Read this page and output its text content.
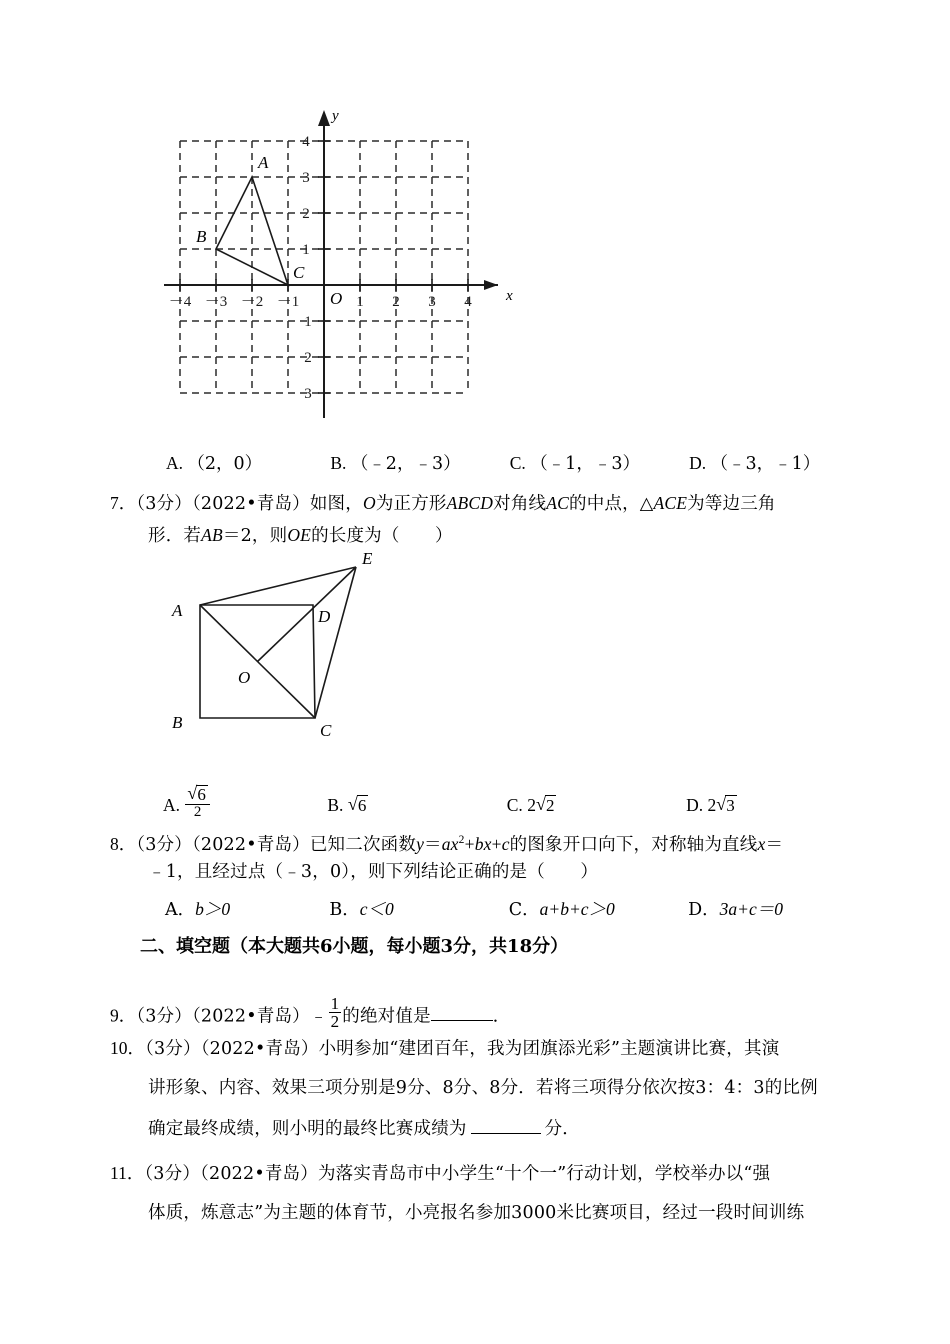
x
y
O
－4 －3 －2 －1	1 2 3 4
4
3
2
1
1
2
3
A
B
C
A. （2，0）	B. （﹣2，﹣3）	C. （﹣1，﹣3）	D. （﹣3，﹣1）
7．（3分）（2022•青岛）如图，O为正方形ABCD对角线AC的中点，△ACE为等边三角
形．若AB＝2，则OE的长度为（　　）
A
B	C
D
E
O
A. √ $\frac{6}{2}$	B. √ 6	C. 2 √ 2	D. 2 √ 3
8．（3分）（2022•青岛）已知二次函数$y=ax^2+bx+c$的图象开口向下，对称轴为直线x＝
﹣1，且经过点（﹣3，0），则下列结论正确的是（　　）
A．b＞0	B．c＜0	C．a+b+c＞0	D．3a+c＝0
二、填空题（本大题共6小题，每小题3分，共18分）
9．（3分）（2022•青岛）﹣ $\frac{1}{2}$ 的绝对值是	．
10．（3分）（2022•青岛）小明参加“建团百年，我为团旗添光彩”主题演讲比赛，其演
讲形象、内容、效果三项分别是9分、8分、8分．若将三项得分依次按3：4：3的比例
确定最终成绩，则小明的最终比赛成绩为	分．
11．（3分）（2022•青岛）为落实青岛市中小学生“十个一”行动计划，学校举办以“强
体质，炼意志”为主题的体育节，小亮报名参加3000米比赛项目，经过一段时间训练
